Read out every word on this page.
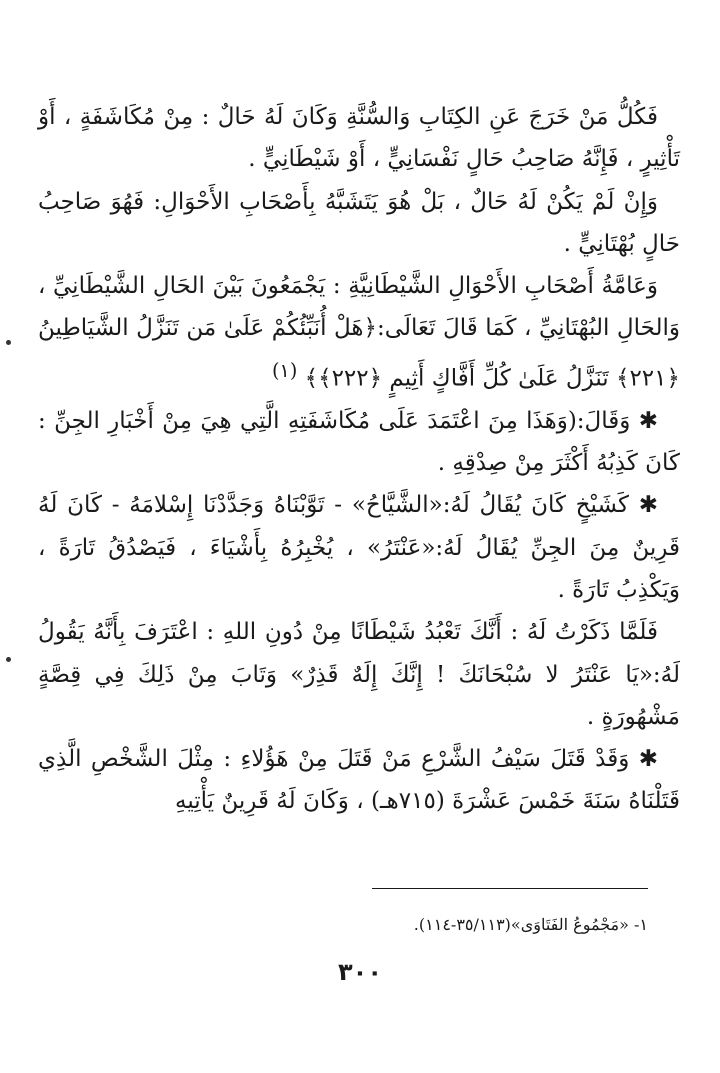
فَكُلُّ مَنْ خَرَجَ عَنِ الكِتَابِ وَالسُّنَّةِ وَكَانَ لَهُ حَالٌ : مِنْ مُكَاشَفَةٍ ، أَوْ تَأْثِيرٍ ، فَإِنَّهُ صَاحِبُ حَالٍ نَفْسَانِيٍّ ، أَوْ شَيْطَانِيٍّ .

وَإِنْ لَمْ يَكُنْ لَهُ حَالٌ ، بَلْ هُوَ يَتَشَبَّهُ بِأَصْحَابِ الأَحْوَالِ: فَهُوَ صَاحِبُ حَالٍ بُهْتَانِيٍّ .

وَعَامَّةُ أَصْحَابِ الأَحْوَالِ الشَّيْطَانِيَّةِ : يَجْمَعُونَ بَيْنَ الحَالِ الشَّيْطَانِيِّ ، وَالحَالِ البُهْتَانِيِّ ، كَمَا قَالَ تَعَالَى:﴿هَلْ أُنَبِّئُكُمْ عَلَىٰ مَن تَنَزَّلُ الشَّيَاطِينُ ﴿٢٢١﴾ تَنَزَّلُ عَلَىٰ كُلِّ أَفَّاكٍ أَثِيمٍ ﴿٢٢٢﴾﴾ $^{(١)}$

✱ وَقَالَ:(وَهَذَا مِنَ اعْتَمَدَ عَلَى مُكَاشَفَتِهِ الَّتِي هِيَ مِنْ أَخْبَارِ الجِنِّ : كَانَ كَذِبُهُ أَكْثَرَ مِنْ صِدْقِهِ .

✱ كَشَيْخٍ كَانَ يُقَالُ لَهُ:«الشَّيَّاحُ» - تَوَّبْنَاهُ وَجَدَّدْنَا إِسْلامَهُ - كَانَ لَهُ قَرِينٌ مِنَ الجِنِّ يُقَالُ لَهُ:«عَنْتَرُ» ، يُخْبِرُهُ بِأَشْيَاءَ ، فَيَصْدُقُ تَارَةً ، وَيَكْذِبُ تَارَةً .

فَلَمَّا ذَكَرْتُ لَهُ : أَنَّكَ تَعْبُدُ شَيْطَانًا مِنْ دُونِ اللهِ : اعْتَرَفَ بِأَنَّهُ يَقُولُ لَهُ:«يَا عَنْتَرُ لا سُبْحَانَكَ ! إِنَّكَ إِلَهٌ قَذِرٌ» وَتَابَ مِنْ ذَلِكَ فِي قِصَّةٍ مَشْهُورَةٍ .

✱ وَقَدْ قَتَلَ سَيْفُ الشَّرْعِ مَنْ قَتَلَ مِنْ هَؤُلاءِ : مِثْلَ الشَّخْصِ الَّذِي قَتَلْنَاهُ سَنَةَ خَمْسَ عَشْرَةَ (٧١٥هـ) ، وَكَانَ لَهُ قَرِينٌ يَأْتِيهِ

١- «مَجْمُوعُ الفَتَاوَى»(٣٥/١١٣-١١٤).
٣٠٠
